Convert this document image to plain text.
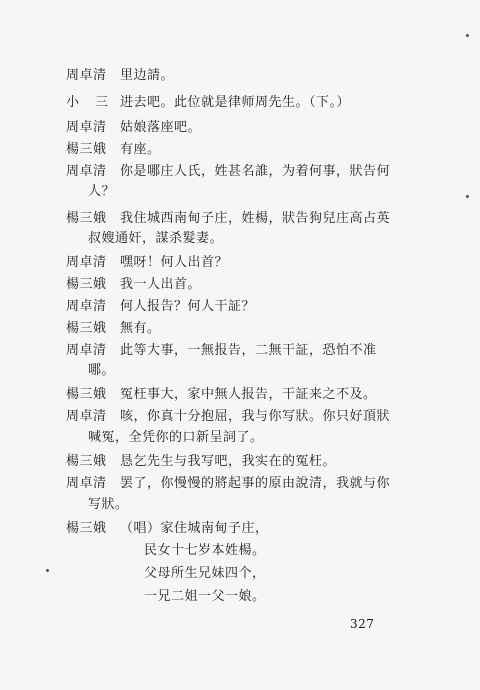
周卓清 里边請。
小 三 进去吧。此位就是律师周先生。（下。）
周卓清 姑娘落座吧。
楊三娥 有座。
周卓清 你是哪庄人氏，姓甚名誰，为着何事，狀告何
人？
楊三娥 我住城西南甸子庄，姓楊，狀告狗兒庄高占英
叔嫂通奸，謀杀髮妻。
周卓清 嘿呀！何人出首？
楊三娥 我一人出首。
周卓清 何人报告？何人干証？
楊三娥 無有。
周卓清 此等大事，一無报告，二無干証，恐怕不准
哪。
楊三娥 冤枉事大，家中無人报告，干証来之不及。
周卓清 咳，你真十分抱屈，我与你写狀。你只好頂狀
喊冤，全凭你的口新呈詞了。
楊三娥 恳乞先生与我写吧，我实在的冤枉。
周卓清 罢了，你慢慢的將起事的原由說清，我就与你
写狀。
楊三娥 （唱）家住城南甸子庄，
民女十七岁本姓楊。
父母所生兄妹四个，
一兄二姐一父一娘。
327
